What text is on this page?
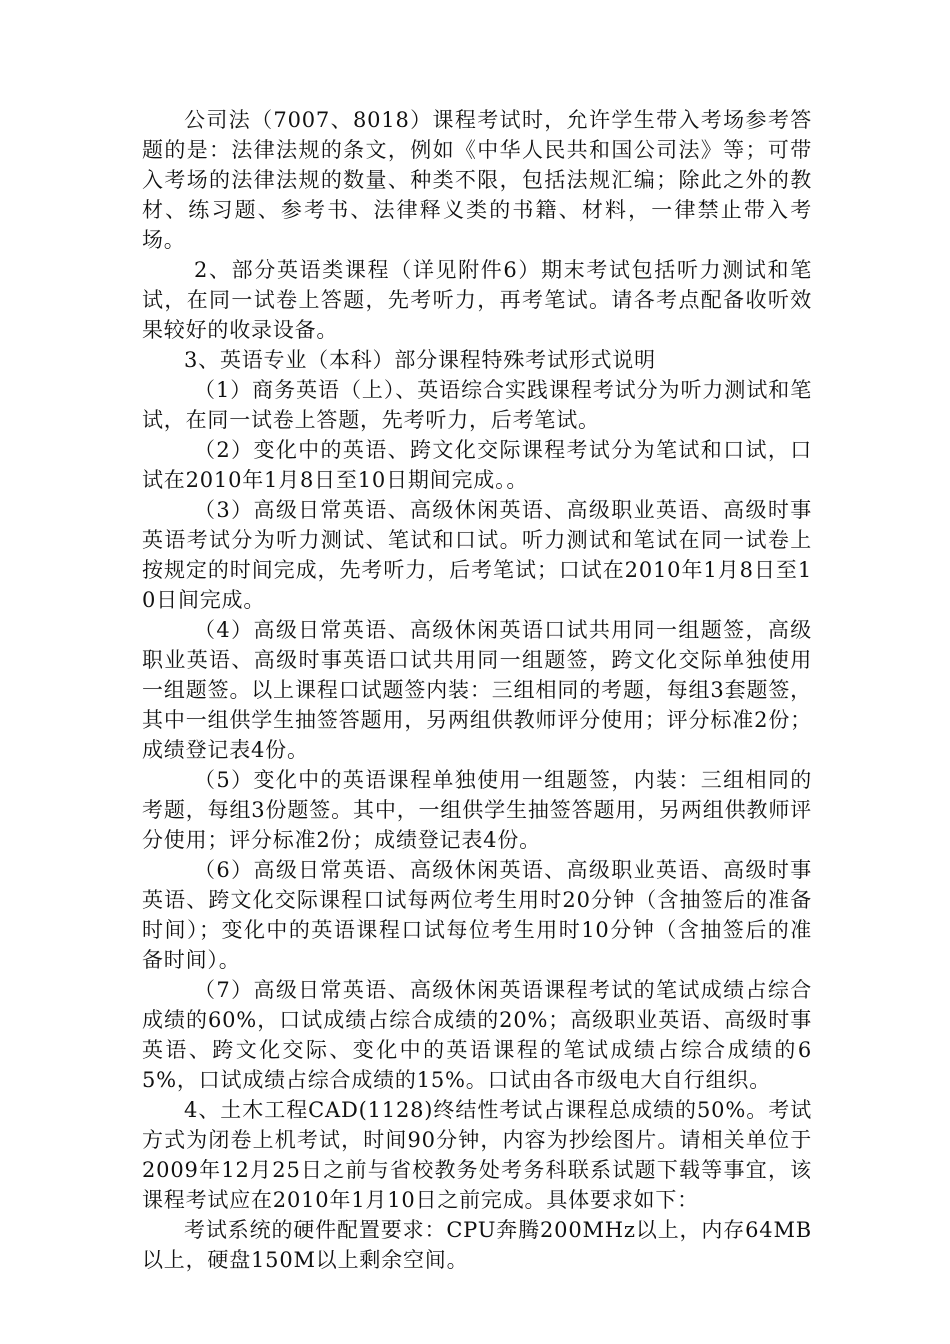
公司法（7007、8018）课程考试时，允许学生带入考场参考答题的是：法律法规的条文，例如《中华人民共和国公司法》等；可带入考场的法律法规的数量、种类不限，包括法规汇编；除此之外的教材、练习题、参考书、法律释义类的书籍、材料，一律禁止带入考场。

2、部分英语类课程（详见附件6）期末考试包括听力测试和笔试，在同一试卷上答题，先考听力，再考笔试。请各考点配备收听效果较好的收录设备。

3、英语专业（本科）部分课程特殊考试形式说明

（1）商务英语（上）、英语综合实践课程考试分为听力测试和笔试，在同一试卷上答题，先考听力，后考笔试。

（2）变化中的英语、跨文化交际课程考试分为笔试和口试，口试在2010年1月8日至10日期间完成。。

（3）高级日常英语、高级休闲英语、高级职业英语、高级时事英语考试分为听力测试、笔试和口试。听力测试和笔试在同一试卷上按规定的时间完成，先考听力，后考笔试；口试在2010年1月8日至10日间完成。

（4）高级日常英语、高级休闲英语口试共用同一组题签，高级职业英语、高级时事英语口试共用同一组题签，跨文化交际单独使用一组题签。以上课程口试题签内装：三组相同的考题，每组3套题签，其中一组供学生抽签答题用，另两组供教师评分使用；评分标准2份；成绩登记表4份。

（5）变化中的英语课程单独使用一组题签，内装：三组相同的考题，每组3份题签。其中，一组供学生抽签答题用，另两组供教师评分使用；评分标准2份；成绩登记表4份。

（6）高级日常英语、高级休闲英语、高级职业英语、高级时事英语、跨文化交际课程口试每两位考生用时20分钟（含抽签后的准备时间）；变化中的英语课程口试每位考生用时10分钟（含抽签后的准备时间）。

（7）高级日常英语、高级休闲英语课程考试的笔试成绩占综合成绩的60%，口试成绩占综合成绩的20%；高级职业英语、高级时事英语、跨文化交际、变化中的英语课程的笔试成绩占综合成绩的65%，口试成绩占综合成绩的15%。口试由各市级电大自行组织。

4、土木工程CAD(1128)终结性考试占课程总成绩的50%。考试方式为闭卷上机考试，时间90分钟，内容为抄绘图片。请相关单位于2009年12月25日之前与省校教务处考务科联系试题下载等事宜，该课程考试应在2010年1月10日之前完成。具体要求如下：

考试系统的硬件配置要求：CPU奔腾200MHz以上，内存64MB以上，硬盘150M以上剩余空间。
